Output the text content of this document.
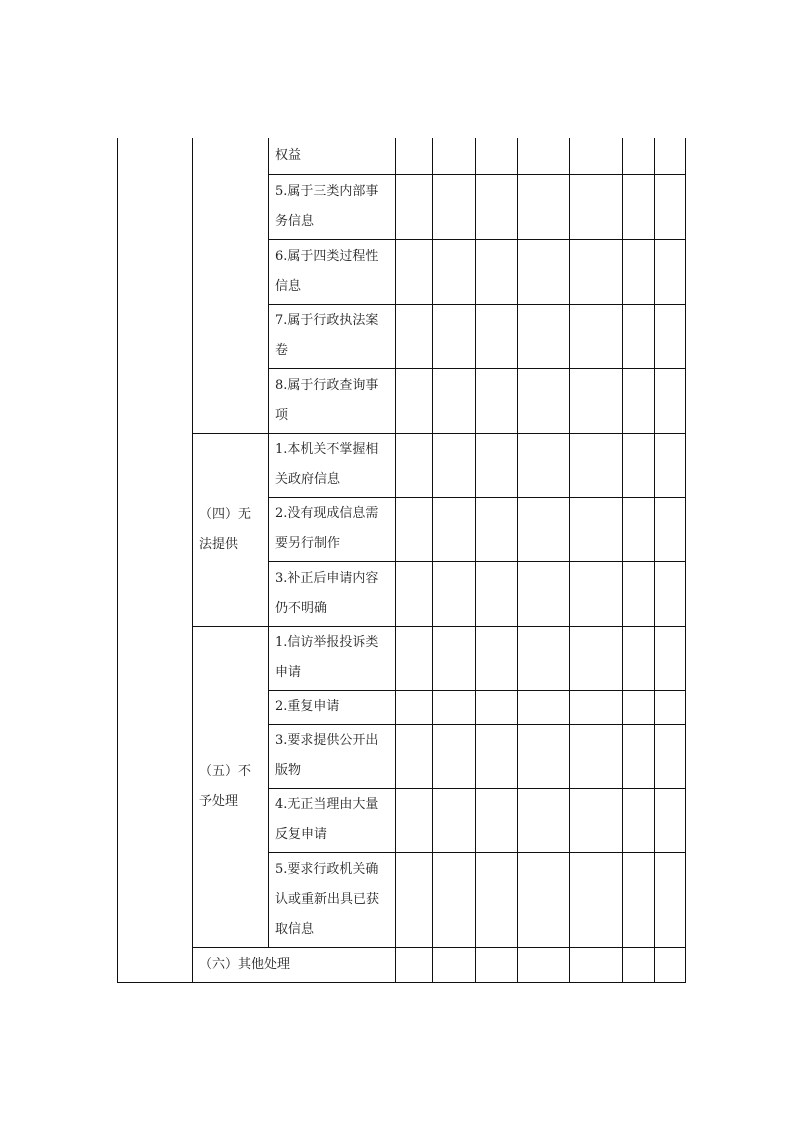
		权益							
		5.属于三类内部事务信息							
		6.属于四类过程性信息							
		7.属于行政执法案卷							
		8.属于行政查询事项							
	（四）无法提供	1.本机关不掌握相关政府信息							
		2.没有现成信息需要另行制作							
		3.补正后申请内容仍不明确							
	（五）不予处理	1.信访举报投诉类申请							
		2.重复申请							
		3.要求提供公开出版物							
		4.无正当理由大量反复申请							
		5.要求行政机关确认或重新出具已获取信息							
	（六）其他处理								
